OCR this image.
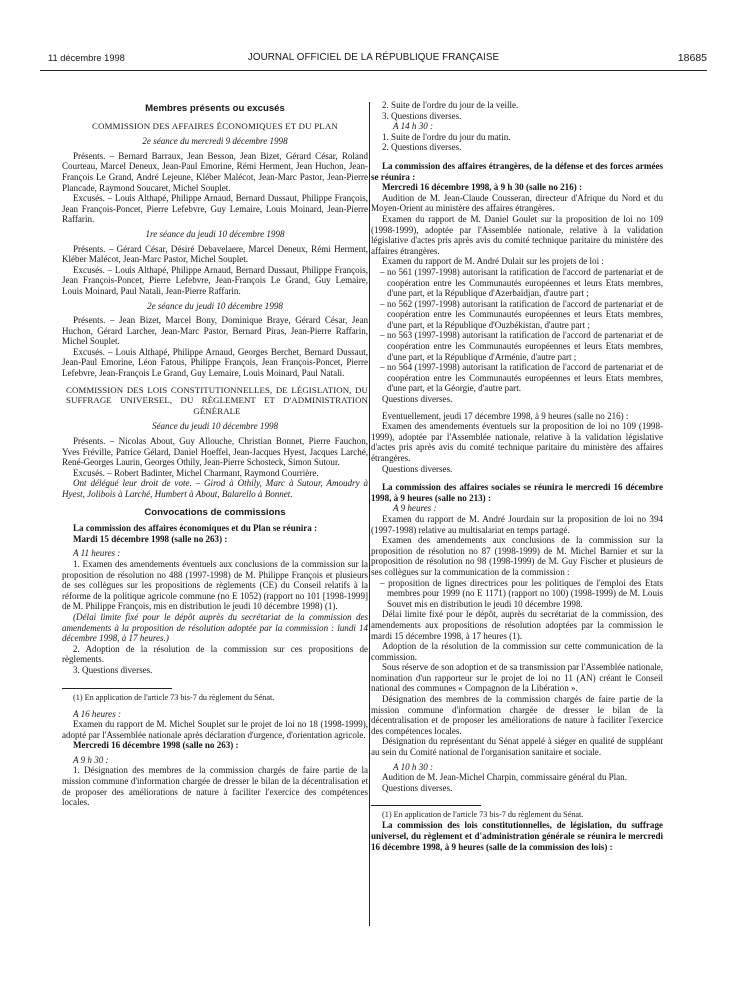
11 décembre 1998	JOURNAL OFFICIEL DE LA RÉPUBLIQUE FRANÇAISE	18685

Membres présents ou excusés

COMMISSION DES AFFAIRES ÉCONOMIQUES ET DU PLAN

2e séance du mercredi 9 décembre 1998

Présents. – Bernard Barraux, Jean Besson, Jean Bizet, Gérard César, Roland Courteau, Marcel Deneux, Jean-Paul Emorine, Rémi Herment, Jean Huchon, Jean-François Le Grand, André Lejeune, Kléber Malécot, Jean-Marc Pastor, Jean-Pierre Plancade, Raymond Soucaret, Michel Souplet.

Excusés. – Louis Althapé, Philippe Arnaud, Bernard Dussaut, Philippe François, Jean François-Poncet, Pierre Lefebvre, Guy Lemaire, Louis Moinard, Jean-Pierre Raffarin.

1re séance du jeudi 10 décembre 1998

Présents. – Gérard César, Désiré Debavelaere, Marcel Deneux, Rémi Herment, Kléber Malécot, Jean-Marc Pastor, Michel Souplet.

Excusés. – Louis Althapé, Philippe Arnaud, Bernard Dussaut, Philippe François, Jean François-Poncet, Pierre Lefebvre, Jean-François Le Grand, Guy Lemaire, Louis Moinard, Paul Natali, Jean-Pierre Raffarin.

2e séance du jeudi 10 décembre 1998

Présents. – Jean Bizet, Marcel Bony, Dominique Braye, Gérard César, Jean Huchon, Gérard Larcher, Jean-Marc Pastor, Bernard Piras, Jean-Pierre Raffarin, Michel Souplet.

Excusés. – Louis Althapé, Philippe Arnaud, Georges Berchet, Bernard Dussaut, Jean-Paul Emorine, Léon Fatous, Philippe François, Jean François-Poncet, Pierre Lefebvre, Jean-François Le Grand, Guy Lemaire, Louis Moinard, Paul Natali.

COMMISSION DES LOIS CONSTITUTIONNELLES, DE LÉGISLATION, DU SUFFRAGE UNIVERSEL, DU RÈGLEMENT ET D'ADMINISTRATION GÉNÉRALE

Séance du jeudi 10 décembre 1998

Présents. – Nicolas About, Guy Allouche, Christian Bonnet, Pierre Fauchon, Yves Fréville, Patrice Gélard, Daniel Hoeffel, Jean-Jacques Hyest, Jacques Larché, René-Georges Laurin, Georges Othily, Jean-Pierre Schosteck, Simon Sutour.

Excusés. – Robert Badinter, Michel Charmant, Raymond Courrière.

Ont délégué leur droit de vote. – Girod à Othily, Marc à Sutour, Amoudry à Hyest, Jolibois à Larché, Humbert à About, Balarello à Bonnet.

Convocations de commissions

La commission des affaires économiques et du Plan se réunira :

Mardi 15 décembre 1998 (salle no 263) :

A 11 heures :

1. Examen des amendements éventuels aux conclusions de la commission sur la proposition de résolution no 488 (1997-1998) de M. Philippe François et plusieurs de ses collègues sur les propositions de règlements (CE) du Conseil relatifs à la réforme de la politique agricole commune (no E 1052) (rapport no 101 [1998-1999] de M. Philippe François, mis en distribution le jeudi 10 décembre 1998) (1).

(Délai limite fixé pour le dépôt auprès du secrétariat de la commission des amendements à la proposition de résolution adoptée par la commission : lundi 14 décembre 1998, à 17 heures.)

2. Adoption de la résolution de la commission sur ces propositions de règlements.

3. Questions diverses.

(1) En application de l'article 73 bis-7 du règlement du Sénat.

A 16 heures :

Examen du rapport de M. Michel Souplet sur le projet de loi no 18 (1998-1999), adopté par l'Assemblée nationale après déclaration d'urgence, d'orientation agricole.

Mercredi 16 décembre 1998 (salle no 263) :

A 9 h 30 :

1. Désignation des membres de la commission chargés de faire partie de la mission commune d'information chargée de dresser le bilan de la décentralisation et de proposer des améliorations de nature à faciliter l'exercice des compétences locales.

2. Suite de l'ordre du jour de la veille.

3. Questions diverses.

A 14 h 30 :

1. Suite de l'ordre du jour du matin.

2. Questions diverses.

La commission des affaires étrangères, de la défense et des forces armées se réunira :

Mercredi 16 décembre 1998, à 9 h 30 (salle no 216) :

Audition de M. Jean-Claude Cousseran, directeur d'Afrique du Nord et du Moyen-Orient au ministère des affaires étrangères.

Examen du rapport de M. Daniel Goulet sur la proposition de loi no 109 (1998-1999), adoptée par l'Assemblée nationale, relative à la validation législative d'actes pris après avis du comité technique paritaire du ministère des affaires étrangères.

Examen du rapport de M. André Dulait sur les projets de loi :

– no 561 (1997-1998) autorisant la ratification de l'accord de partenariat et de coopération entre les Communautés européennes et leurs Etats membres, d'une part, et la République d'Azerbaïdjan, d'autre part ;

– no 562 (1997-1998) autorisant la ratification de l'accord de partenariat et de coopération entre les Communautés européennes et leurs Etats membres, d'une part, et la République d'Ouzbékistan, d'autre part ;

– no 563 (1997-1998) autorisant la ratification de l'accord de partenariat et de coopération entre les Communautés européennes et leurs Etats membres, d'une part, et la République d'Arménie, d'autre part ;

– no 564 (1997-1998) autorisant la ratification de l'accord de partenariat et de coopération entre les Communautés européennes et leurs Etats membres, d'une part, et la Géorgie, d'autre part.

Questions diverses.

Eventuellement, jeudi 17 décembre 1998, à 9 heures (salle no 216) :

Examen des amendements éventuels sur la proposition de loi no 109 (1998-1999), adoptée par l'Assemblée nationale, relative à la validation législative d'actes pris après avis du comité technique paritaire du ministère des affaires étrangères.

Questions diverses.

La commission des affaires sociales se réunira le mercredi 16 décembre 1998, à 9 heures (salle no 213) :

A 9 heures :

Examen du rapport de M. André Jourdain sur la proposition de loi no 394 (1997-1998) relative au multisalariat en temps partagé.

Examen des amendements aux conclusions de la commission sur la proposition de résolution no 87 (1998-1999) de M. Michel Barnier et sur la proposition de résolution no 98 (1998-1999) de M. Guy Fischer et plusieurs de ses collègues sur la communication de la commission :

– proposition de lignes directrices pour les politiques de l'emploi des Etats membres pour 1999 (no E 1171) (rapport no 100) (1998-1999) de M. Louis Souvet mis en distribution le jeudi 10 décembre 1998.

Délai limite fixé pour le dépôt, auprès du secrétariat de la commission, des amendements aux propositions de résolution adoptées par la commission le mardi 15 décembre 1998, à 17 heures (1).

Adoption de la résolution de la commission sur cette communication de la commission.

Sous réserve de son adoption et de sa transmission par l'Assemblée nationale, nomination d'un rapporteur sur le projet de loi no 11 (AN) créant le Conseil national des communes « Compagnon de la Libération ».

Désignation des membres de la commission chargés de faire partie de la mission commune d'information chargée de dresser le bilan de la décentralisation et de proposer les améliorations de nature à faciliter l'exercice des compétences locales.

Désignation du représentant du Sénat appelé à siéger en qualité de suppléant au sein du Comité national de l'organisation sanitaire et sociale.

A 10 h 30 :

Audition de M. Jean-Michel Charpin, commissaire général du Plan.

Questions diverses.

(1) En application de l'article 73 bis-7 du règlement du Sénat.

La commission des lois constitutionnelles, de législation, du suffrage universel, du règlement et d'administration générale se réunira le mercredi 16 décembre 1998, à 9 heures (salle de la commission des lois) :
